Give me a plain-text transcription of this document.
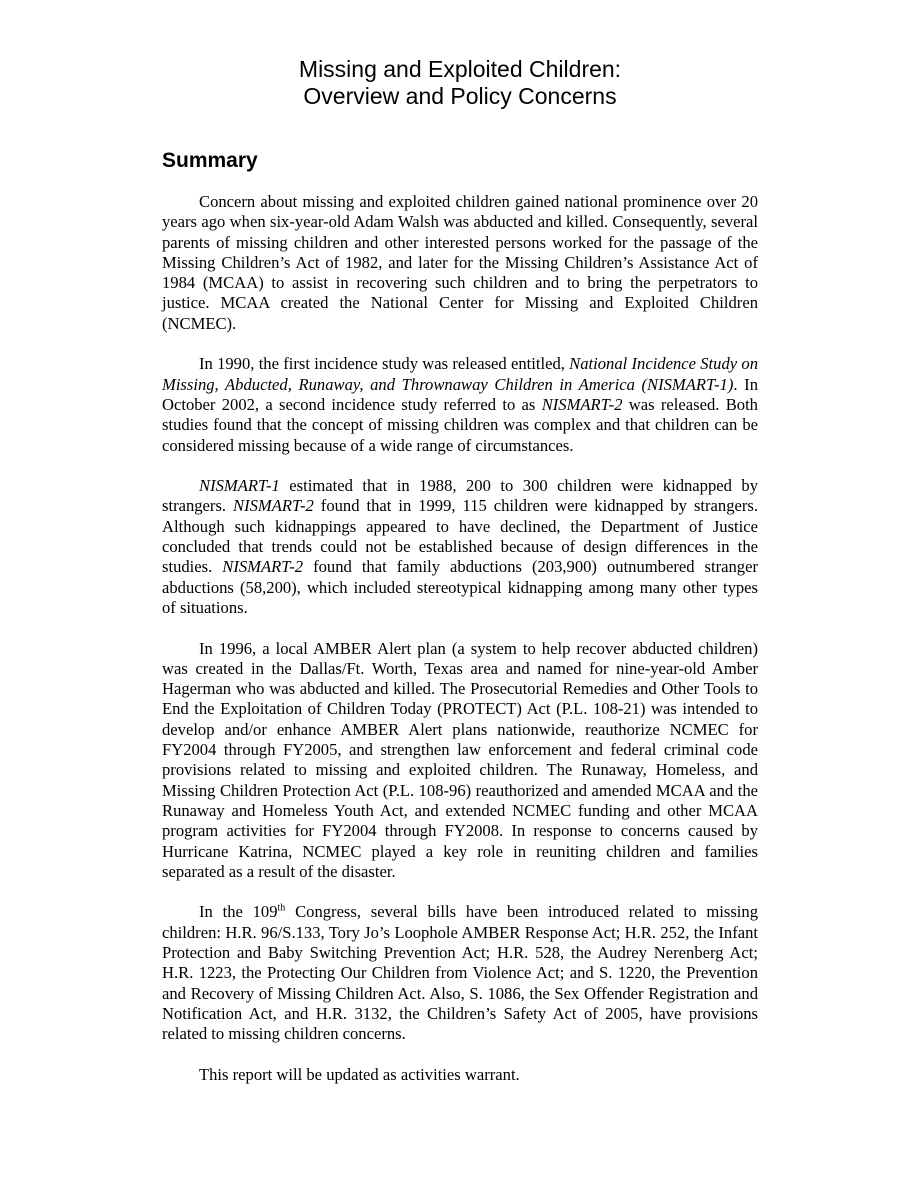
Missing and Exploited Children:
Overview and Policy Concerns
Summary

Concern about missing and exploited children gained national prominence over 20 years ago when six-year-old Adam Walsh was abducted and killed. Consequently, several parents of missing children and other interested persons worked for the passage of the Missing Children’s Act of 1982, and later for the Missing Children’s Assistance Act of 1984 (MCAA) to assist in recovering such children and to bring the perpetrators to justice. MCAA created the National Center for Missing and Exploited Children (NCMEC).

In 1990, the first incidence study was released entitled, National Incidence Study on Missing, Abducted, Runaway, and Thrownaway Children in America (NISMART-1). In October 2002, a second incidence study referred to as NISMART-2 was released. Both studies found that the concept of missing children was complex and that children can be considered missing because of a wide range of circumstances.

NISMART-1 estimated that in 1988, 200 to 300 children were kidnapped by strangers. NISMART-2 found that in 1999, 115 children were kidnapped by strangers. Although such kidnappings appeared to have declined, the Department of Justice concluded that trends could not be established because of design differences in the studies. NISMART-2 found that family abductions (203,900) outnumbered stranger abductions (58,200), which included stereotypical kidnapping among many other types of situations.

In 1996, a local AMBER Alert plan (a system to help recover abducted children) was created in the Dallas/Ft. Worth, Texas area and named for nine-year-old Amber Hagerman who was abducted and killed. The Prosecutorial Remedies and Other Tools to End the Exploitation of Children Today (PROTECT) Act (P.L. 108-21) was intended to develop and/or enhance AMBER Alert plans nationwide, reauthorize NCMEC for FY2004 through FY2005, and strengthen law enforcement and federal criminal code provisions related to missing and exploited children. The Runaway, Homeless, and Missing Children Protection Act (P.L. 108-96) reauthorized and amended MCAA and the Runaway and Homeless Youth Act, and extended NCMEC funding and other MCAA program activities for FY2004 through FY2008. In response to concerns caused by Hurricane Katrina, NCMEC played a key role in reuniting children and families separated as a result of the disaster.

In the 109th Congress, several bills have been introduced related to missing children: H.R. 96/S.133, Tory Jo’s Loophole AMBER Response Act; H.R. 252, the Infant Protection and Baby Switching Prevention Act; H.R. 528, the Audrey Nerenberg Act; H.R. 1223, the Protecting Our Children from Violence Act; and S. 1220, the Prevention and Recovery of Missing Children Act. Also, S. 1086, the Sex Offender Registration and Notification Act, and H.R. 3132, the Children’s Safety Act of 2005, have provisions related to missing children concerns.

This report will be updated as activities warrant.
